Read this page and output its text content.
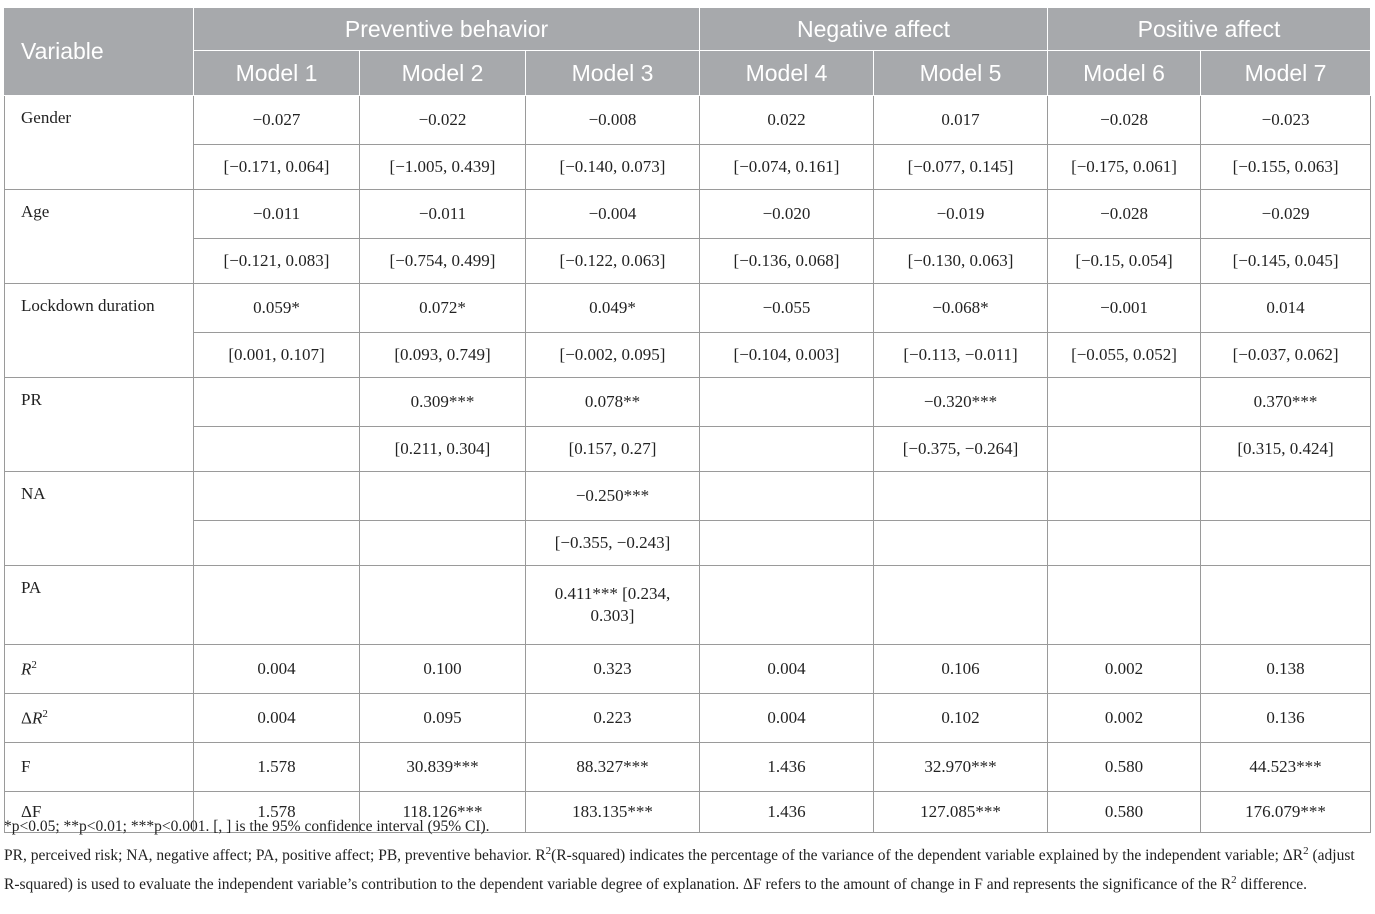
Variable	Preventive behavior			Negative affect		Positive affect	
	Model 1	Model 2	Model 3	Model 4	Model 5	Model 6	Model 7
Gender	−0.027	−0.022	−0.008	0.022	0.017	−0.028	−0.023
	[−0.171, 0.064]	[−1.005, 0.439]	[−0.140, 0.073]	[−0.074, 0.161]	[−0.077, 0.145]	[−0.175, 0.061]	[−0.155, 0.063]
Age	−0.011	−0.011	−0.004	−0.020	−0.019	−0.028	−0.029
	[−0.121, 0.083]	[−0.754, 0.499]	[−0.122, 0.063]	[−0.136, 0.068]	[−0.130, 0.063]	[−0.15, 0.054]	[−0.145, 0.045]
Lockdown duration	0.059*	0.072*	0.049*	−0.055	−0.068*	−0.001	0.014
	[0.001, 0.107]	[0.093, 0.749]	[−0.002, 0.095]	[−0.104, 0.003]	[−0.113, −0.011]	[−0.055, 0.052]	[−0.037, 0.062]
PR		0.309***	0.078**		−0.320***		0.370***
		[0.211, 0.304]	[0.157, 0.27]		[−0.375, −0.264]		[0.315, 0.424]
NA			−0.250***				
			[−0.355, −0.243]				
PA			0.411*** [0.234, 0.303]				
$R^2$	0.004	0.100	0.323	0.004	0.106	0.002	0.138
$\Delta R^2$	0.004	0.095	0.223	0.004	0.102	0.002	0.136
F	1.578	30.839***	88.327***	1.436	32.970***	0.580	44.523***
ΔF	1.578	118.126***	183.135***	1.436	127.085***	0.580	176.079***

*p<0.05; **p<0.01; ***p<0.001. [, ] is the 95% confidence interval (95% CI).

PR, perceived risk; NA, negative affect; PA, positive affect; PB, preventive behavior. $R^2(R-squared)$ indicates the percentage of the variance of the dependent variable explained by the independent variable; $\Delta R^2$ (adjust R-squared) is used to evaluate the independent variable’s contribution to the dependent variable degree of explanation. ΔF refers to the amount of change in F and represents the significance of the $R^2$ difference.
